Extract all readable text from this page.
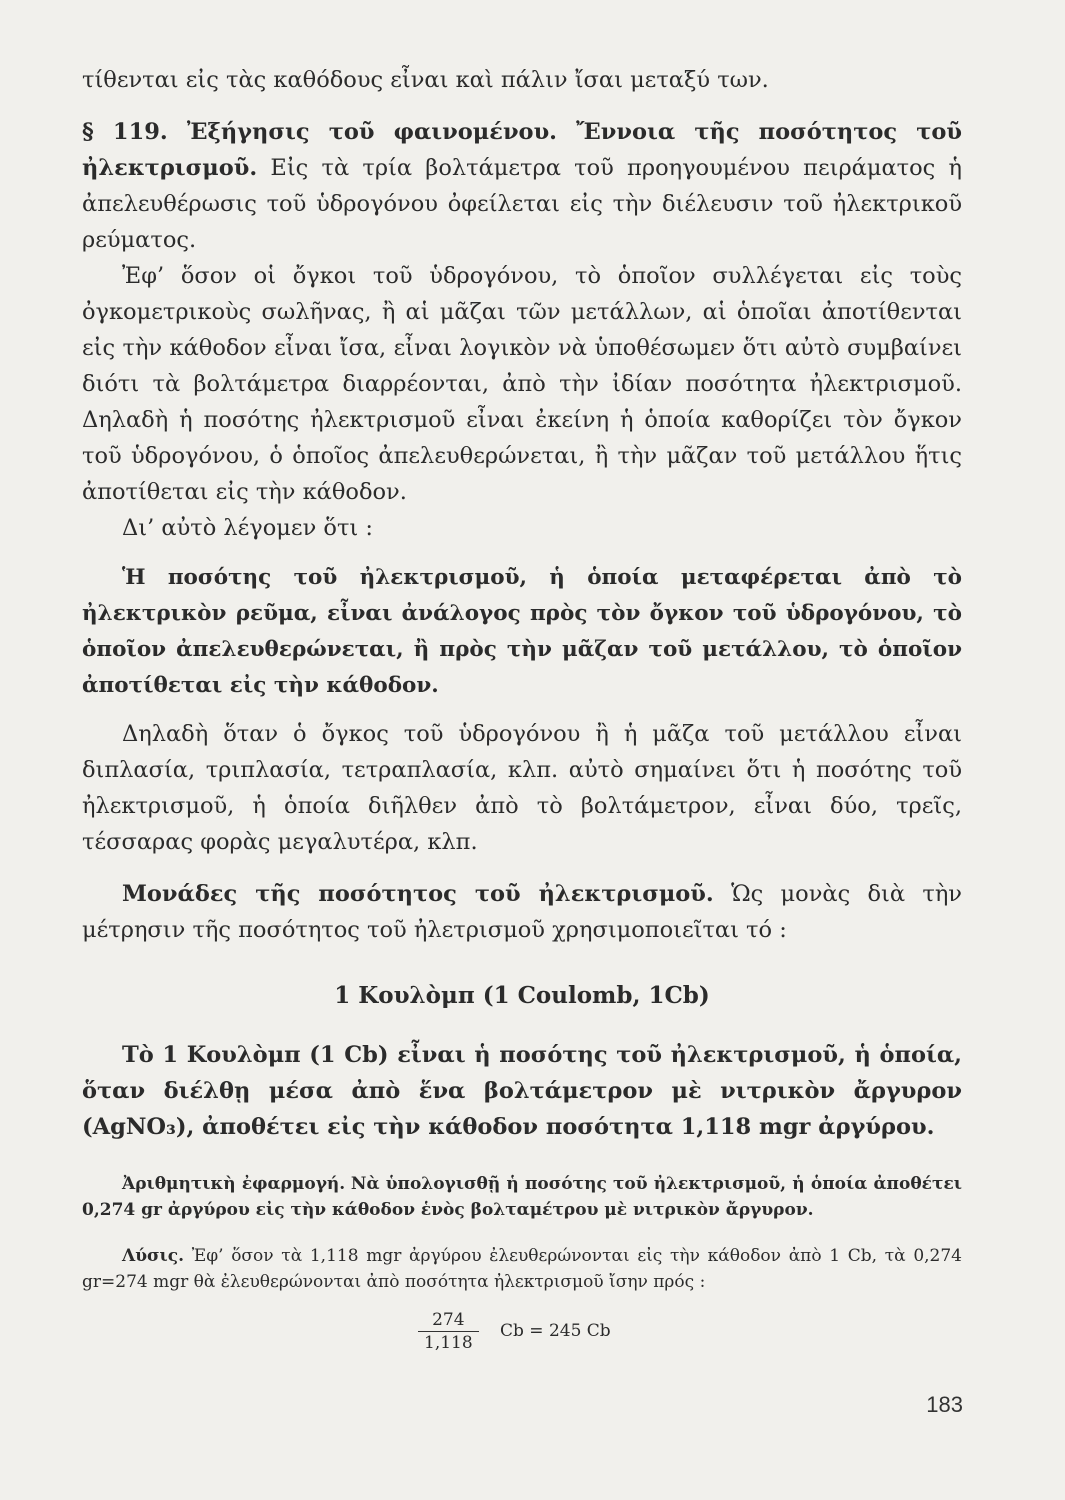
τίθενται εἰς τὰς καθόδους εἶναι καὶ πάλιν ἴσαι μεταξύ των.

§ 119. Ἐξήγησις τοῦ φαινομένου. Ἔννοια τῆς ποσότητος τοῦ ἠλεκτρισμοῦ. Εἰς τὰ τρία βολτάμετρα τοῦ προηγουμένου πειράματος ἡ ἀπελευθέρωσις τοῦ ὑδρογόνου ὀφείλεται εἰς τὴν διέλευσιν τοῦ ἠλεκτρικοῦ ρεύματος.

Ἐφ’ ὅσον οἱ ὄγκοι τοῦ ὑδρογόνου, τὸ ὁποῖον συλλέγεται εἰς τοὺς ὀγκομετρικοὺς σωλῆνας, ἢ αἱ μᾶζαι τῶν μετάλλων, αἱ ὁποῖαι ἀποτίθενται εἰς τὴν κάθοδον εἶναι ἴσα, εἶναι λογικὸν νὰ ὑποθέσωμεν ὅτι αὐτὸ συμβαίνει διότι τὰ βολτάμετρα διαρρέονται, ἀπὸ τὴν ἰδίαν ποσότητα ἠλεκτρισμοῦ. Δηλαδὴ ἡ ποσότης ἠλεκτρισμοῦ εἶναι ἐκείνη ἡ ὁποία καθορίζει τὸν ὄγκον τοῦ ὑδρογόνου, ὁ ὁποῖος ἀπελευθερώνεται, ἢ τὴν μᾶζαν τοῦ μετάλλου ἥτις ἀποτίθεται εἰς τὴν κάθοδον.

Δι’ αὐτὸ λέγομεν ὅτι :

Ἡ ποσότης τοῦ ἠλεκτρισμοῦ, ἡ ὁποία μεταφέρεται ἀπὸ τὸ ἠλεκτρικὸν ρεῦμα, εἶναι ἀνάλογος πρὸς τὸν ὄγκον τοῦ ὑδρογόνου, τὸ ὁποῖον ἀπελευθερώνεται, ἢ πρὸς τὴν μᾶζαν τοῦ μετάλλου, τὸ ὁποῖον ἀποτίθεται εἰς τὴν κάθοδον.

Δηλαδὴ ὅταν ὁ ὄγκος τοῦ ὑδρογόνου ἢ ἡ μᾶζα τοῦ μετάλλου εἶναι διπλασία, τριπλασία, τετραπλασία, κλπ. αὐτὸ σημαίνει ὅτι ἡ ποσότης τοῦ ἠλεκτρισμοῦ, ἡ ὁποία διῆλθεν ἀπὸ τὸ βολτάμετρον, εἶναι δύο, τρεῖς, τέσσαρας φορὰς μεγαλυτέρα, κλπ.

Μονάδες τῆς ποσότητος τοῦ ἠλεκτρισμοῦ. Ὡς μονὰς διὰ τὴν μέτρησιν τῆς ποσότητος τοῦ ἠλετρισμοῦ χρησιμοποιεῖται τό :

1 Κουλὸμπ (1 Coulomb, 1Cb)

Τὸ 1 Κουλὸμπ (1 Cb) εἶναι ἡ ποσότης τοῦ ἠλεκτρισμοῦ, ἡ ὁποία, ὅταν διέλθῃ μέσα ἀπὸ ἕνα βολτάμετρον μὲ νιτρικὸν ἄργυρον (AgNO₃), ἀποθέτει εἰς τὴν κάθοδον ποσότητα 1,118 mgr ἀργύρου.

Ἀριθμητικὴ ἐφαρμογή. Νὰ ὑπολογισθῇ ἡ ποσότης τοῦ ἠλεκτρισμοῦ, ἡ ὁποία ἀποθέτει 0,274 gr ἀργύρου εἰς τὴν κάθοδον ἑνὸς βολταμέτρου μὲ νιτρικὸν ἄργυρον.

Λύσις. Ἐφ’ ὅσον τὰ 1,118 mgr ἀργύρου ἐλευθερώνονται εἰς τὴν κάθοδον ἀπὸ 1 Cb, τὰ 0,274 gr=274 mgr θὰ ἐλευθερώνονται ἀπὸ ποσότητα ἠλεκτρισμοῦ ἴσην πρός :

$\frac{274}{1,118}$ Cb = 245 Cb
183
